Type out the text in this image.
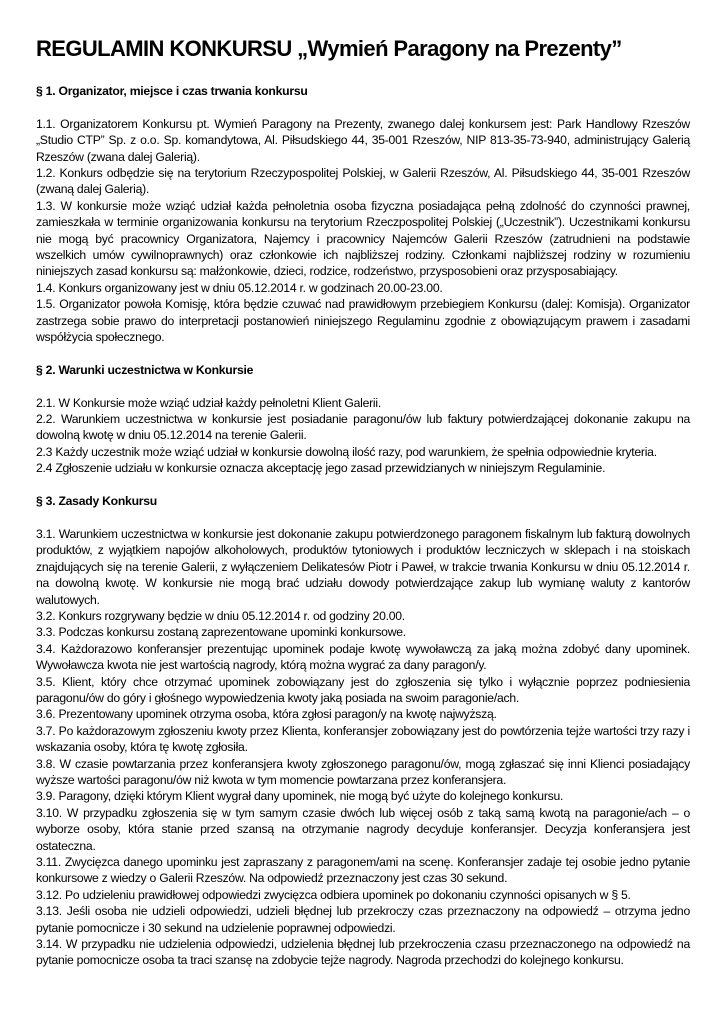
REGULAMIN KONKURSU „Wymień Paragony na Prezenty”
§ 1. Organizator, miejsce i czas trwania konkursu

1.1. Organizatorem Konkursu pt. Wymień Paragony na Prezenty, zwanego dalej konkursem jest: Park Handlowy Rzeszów „Studio CTP” Sp. z o.o. Sp. komandytowa, Al. Piłsudskiego 44, 35-001 Rzeszów, NIP 813-35-73-940, administrujący Galerią Rzeszów (zwana dalej Galerią).

1.2. Konkurs odbędzie się na terytorium Rzeczypospolitej Polskiej, w Galerii Rzeszów, Al. Piłsudskiego 44, 35-001 Rzeszów (zwaną dalej Galerią).

1.3. W konkursie może wziąć udział każda pełnoletnia osoba fizyczna posiadająca pełną zdolność do czynności prawnej, zamieszkała w terminie organizowania konkursu na terytorium Rzeczpospolitej Polskiej („Uczestnik”). Uczestnikami konkursu nie mogą być pracownicy Organizatora, Najemcy i pracownicy Najemców Galerii Rzeszów (zatrudnieni na podstawie wszelkich umów cywilnoprawnych) oraz członkowie ich najbliższej rodziny. Członkami najbliższej rodziny w rozumieniu niniejszych zasad konkursu są: małżonkowie, dzieci, rodzice, rodzeństwo, przysposobieni oraz przysposabiający.

1.4. Konkurs organizowany jest w dniu 05.12.2014 r. w godzinach 20.00-23.00.

1.5. Organizator powoła Komisję, która będzie czuwać nad prawidłowym przebiegiem Konkursu (dalej: Komisja). Organizator zastrzega sobie prawo do interpretacji postanowień niniejszego Regulaminu zgodnie z obowiązującym prawem i zasadami współżycia społecznego.

§ 2. Warunki uczestnictwa w Konkursie

2.1. W Konkursie może wziąć udział każdy pełnoletni Klient Galerii.

2.2. Warunkiem uczestnictwa w konkursie jest posiadanie paragonu/ów lub faktury potwierdzającej dokonanie zakupu na dowolną kwotę w dniu 05.12.2014 na terenie Galerii.

2.3 Każdy uczestnik może wziąć udział w konkursie dowolną ilość razy, pod warunkiem, że spełnia odpowiednie kryteria.

2.4 Zgłoszenie udziału w konkursie oznacza akceptację jego zasad przewidzianych w niniejszym Regulaminie.

§ 3. Zasady Konkursu

3.1. Warunkiem uczestnictwa w konkursie jest dokonanie zakupu potwierdzonego paragonem fiskalnym lub fakturą dowolnych produktów, z wyjątkiem napojów alkoholowych, produktów tytoniowych i produktów leczniczych w sklepach i na stoiskach znajdujących się na terenie Galerii, z wyłączeniem Delikatesów Piotr i Paweł, w trakcie trwania Konkursu w dniu 05.12.2014 r. na dowolną kwotę. W konkursie nie mogą brać udziału dowody potwierdzające zakup lub wymianę waluty z kantorów walutowych.

3.2. Konkurs rozgrywany będzie w dniu 05.12.2014 r. od godziny 20.00.

3.3. Podczas konkursu zostaną zaprezentowane upominki konkursowe.

3.4. Każdorazowo konferansjer prezentując upominek podaje kwotę wywoławczą za jaką można zdobyć dany upominek. Wywoławcza kwota nie jest wartością nagrody, którą można wygrać za dany paragon/y.

3.5. Klient, który chce otrzymać upominek zobowiązany jest do zgłoszenia się tylko i wyłącznie poprzez podniesienia paragonu/ów do góry i głośnego wypowiedzenia kwoty jaką posiada na swoim paragonie/ach.

3.6. Prezentowany upominek otrzyma osoba, która zgłosi paragon/y na kwotę najwyższą.

3.7. Po każdorazowym zgłoszeniu kwoty przez Klienta, konferansjer zobowiązany jest do powtórzenia tejże wartości trzy razy i wskazania osoby, która tę kwotę zgłosiła.

3.8. W czasie powtarzania przez konferansjera kwoty zgłoszonego paragonu/ów, mogą zgłaszać się inni Klienci posiadający wyższe wartości paragonu/ów niż kwota w tym momencie powtarzana przez konferansjera.

3.9. Paragony, dzięki którym Klient wygrał dany upominek, nie mogą być użyte do kolejnego konkursu.

3.10. W przypadku zgłoszenia się w tym samym czasie dwóch lub więcej osób z taką samą kwotą na paragonie/ach – o wyborze osoby, która stanie przed szansą na otrzymanie nagrody decyduje konferansjer. Decyzja konferansjera jest ostateczna.

3.11. Zwycięzca danego upominku jest zapraszany z paragonem/ami na scenę. Konferansjer zadaje tej osobie jedno pytanie konkursowe z wiedzy o Galerii Rzeszów. Na odpowiedź przeznaczony jest czas 30 sekund.

3.12. Po udzieleniu prawidłowej odpowiedzi zwycięzca odbiera upominek po dokonaniu czynności opisanych w § 5.

3.13. Jeśli osoba nie udzieli odpowiedzi, udzieli błędnej lub przekroczy czas przeznaczony na odpowiedź – otrzyma jedno pytanie pomocnicze i 30 sekund na udzielenie poprawnej odpowiedzi.

3.14. W przypadku nie udzielenia odpowiedzi, udzielenia błędnej lub przekroczenia czasu przeznaczonego na odpowiedź na pytanie pomocnicze osoba ta traci szansę na zdobycie tejże nagrody. Nagroda przechodzi do kolejnego konkursu.
